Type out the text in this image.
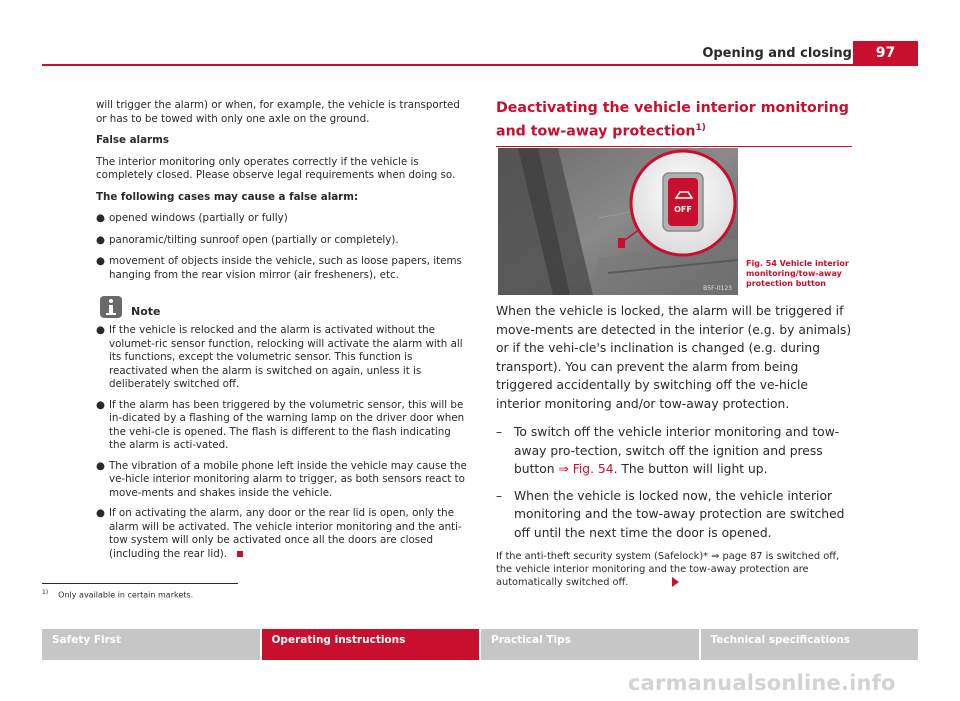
Opening and closing	97

will trigger the alarm) or when, for example, the vehicle is transported or has to be towed with only one axle on the ground.

False alarms

The interior monitoring only operates correctly if the vehicle is completely closed. Please observe legal requirements when doing so.

The following cases may cause a false alarm:

● opened windows (partially or fully)
● panoramic/tilting sunroof open (partially or completely).
● movement of objects inside the vehicle, such as loose papers, items hanging from the rear vision mirror (air fresheners), etc.
Note
● If the vehicle is relocked and the alarm is activated without the volumet-ric sensor function, relocking will activate the alarm with all its functions, except the volumetric sensor. This function is reactivated when the alarm is switched on again, unless it is deliberately switched off.
● If the alarm has been triggered by the volumetric sensor, this will be in-dicated by a flashing of the warning lamp on the driver door when the vehi-cle is opened. The flash is different to the flash indicating the alarm is acti-vated.
● The vibration of a mobile phone left inside the vehicle may cause the ve-hicle interior monitoring alarm to trigger, as both sensors react to move-ments and shakes inside the vehicle.
● If on activating the alarm, any door or the rear lid is open, only the alarm will be activated. The vehicle interior monitoring and the anti-tow system will only be activated once all the doors are closed (including the rear lid).

Deactivating the vehicle interior monitoring and tow-away protection$^{1)}$

OFF
B5F-0123
Fig. 54 Vehicle interior monitoring/tow-away protection button

When the vehicle is locked, the alarm will be triggered if move-ments are detected in the interior (e.g. by animals) or if the vehi-cle's inclination is changed (e.g. during transport). You can prevent the alarm from being triggered accidentally by switching off the ve-hicle interior monitoring and/or tow-away protection.

– To switch off the vehicle interior monitoring and tow-away pro-tection, switch off the ignition and press button ⇒ Fig. 54. The button will light up.
– When the vehicle is locked now, the vehicle interior monitoring and the tow-away protection are switched off until the next time the door is opened.
If the anti-theft security system (Safelock)* ⇒ page 87 is switched off, the vehicle interior monitoring and the tow-away protection are automatically switched off.
$^{1)}$ Only available in certain markets.
Safety First	Operating instructions	Practical Tips	Technical specifications
carmanualsonline.info
